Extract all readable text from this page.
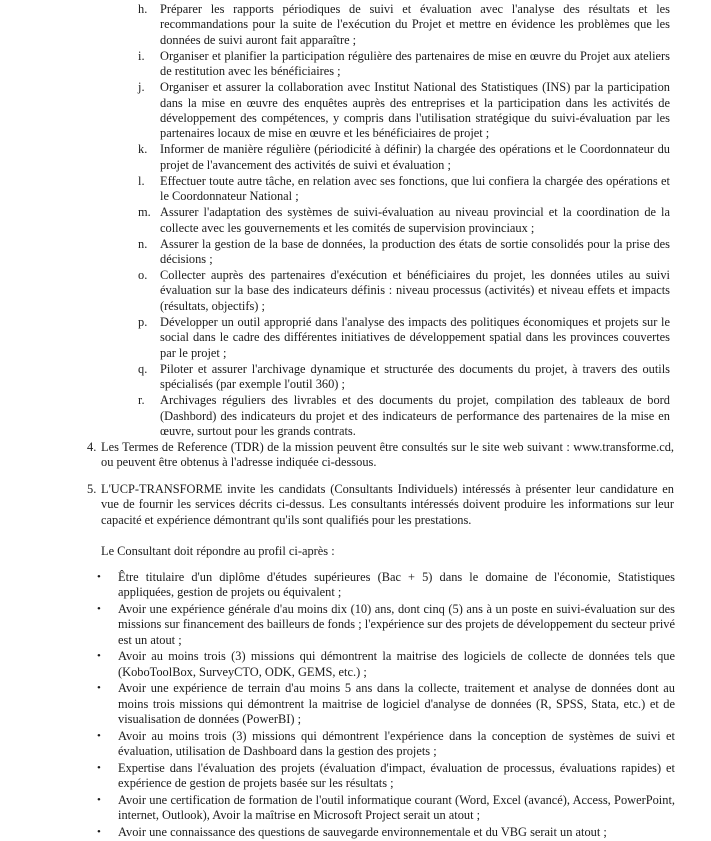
h. Préparer les rapports périodiques de suivi et évaluation avec l'analyse des résultats et les recommandations pour la suite de l'exécution du Projet et mettre en évidence les problèmes que les données de suivi auront fait apparaître ;
i. Organiser et planifier la participation régulière des partenaires de mise en œuvre du Projet aux ateliers de restitution avec les bénéficiaires ;
j. Organiser et assurer la collaboration avec Institut National des Statistiques (INS) par la participation dans la mise en œuvre des enquêtes auprès des entreprises et la participation dans les activités de développement des compétences, y compris dans l'utilisation stratégique du suivi-évaluation par les partenaires locaux de mise en œuvre et les bénéficiaires de projet ;
k. Informer de manière régulière (périodicité à définir) la chargée des opérations et le Coordonnateur du projet de l'avancement des activités de suivi et évaluation ;
l. Effectuer toute autre tâche, en relation avec ses fonctions, que lui confiera la chargée des opérations et le Coordonnateur National ;
m. Assurer l'adaptation des systèmes de suivi-évaluation au niveau provincial et la coordination de la collecte avec les gouvernements et les comités de supervision provinciaux ;
n. Assurer la gestion de la base de données, la production des états de sortie consolidés pour la prise des décisions ;
o. Collecter auprès des partenaires d'exécution et bénéficiaires du projet, les données utiles au suivi évaluation sur la base des indicateurs définis : niveau processus (activités) et niveau effets et impacts (résultats, objectifs) ;
p. Développer un outil approprié dans l'analyse des impacts des politiques économiques et projets sur le social dans le cadre des différentes initiatives de développement spatial dans les provinces couvertes par le projet ;
q. Piloter et assurer l'archivage dynamique et structurée des documents du projet, à travers des outils spécialisés (par exemple l'outil 360) ;
r. Archivages réguliers des livrables et des documents du projet, compilation des tableaux de bord (Dashbord) des indicateurs du projet et des indicateurs de performance des partenaires de la mise en œuvre, surtout pour les grands contrats.
4. Les Termes de Reference (TDR) de la mission peuvent être consultés sur le site web suivant : www.transforme.cd, ou peuvent être obtenus à l'adresse indiquée ci-dessous.
5. L'UCP-TRANSFORME invite les candidats (Consultants Individuels) intéressés à présenter leur candidature en vue de fournir les services décrits ci-dessus. Les consultants intéressés doivent produire les informations sur leur capacité et expérience démontrant qu'ils sont qualifiés pour les prestations.
Le Consultant doit répondre au profil ci-après :
• Être titulaire d'un diplôme d'études supérieures (Bac + 5) dans le domaine de l'économie, Statistiques appliquées, gestion de projets ou équivalent ;
• Avoir une expérience générale d'au moins dix (10) ans, dont cinq (5) ans à un poste en suivi-évaluation sur des missions sur financement des bailleurs de fonds ; l'expérience sur des projets de développement du secteur privé est un atout ;
• Avoir au moins trois (3) missions qui démontrent la maitrise des logiciels de collecte de données tels que (KoboToolBox, SurveyCTO, ODK, GEMS, etc.) ;
• Avoir une expérience de terrain d'au moins 5 ans dans la collecte, traitement et analyse de données dont au moins trois missions qui démontrent la maitrise de logiciel d'analyse de données (R, SPSS, Stata, etc.) et de visualisation de données (PowerBI) ;
• Avoir au moins trois (3) missions qui démontrent l'expérience dans la conception de systèmes de suivi et évaluation, utilisation de Dashboard dans la gestion des projets ;
• Expertise dans l'évaluation des projets (évaluation d'impact, évaluation de processus, évaluations rapides) et expérience de gestion de projets basée sur les résultats ;
• Avoir une certification de formation de l'outil informatique courant (Word, Excel (avancé), Access, PowerPoint, internet, Outlook), Avoir la maîtrise en Microsoft Project serait un atout ;
• Avoir une connaissance des questions de sauvegarde environnementale et du VBG serait un atout ;
